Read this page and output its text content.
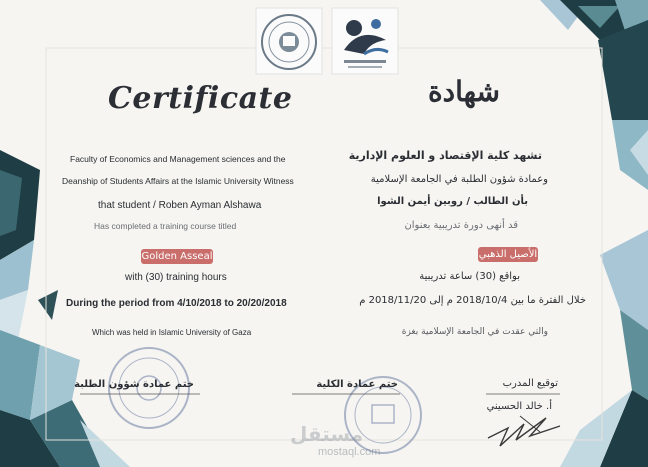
Certificate	شهادة
Faculty of Economics and Management sciences and the
Deanship of Students Affairs at the Islamic University Witness
that student / Roben Ayman Alshawa
Has completed a training course titled
Golden Asseal
with (30) training hours
During the period from 4/10/2018 to 20/20/2018
Which was held in Islamic University of Gaza
تشهد كلية الإقتصاد و العلوم الإدارية
وعمادة شؤون الطلبة في الجامعة الإسلامية
بأن الطالب / روبين أيمن الشوا
قد أنهى دورة تدريبية بعنوان
الأصيل الذهبي
بواقع (30) ساعة تدريبية
خلال الفترة ما بين 2018/10/4 م إلى 2018/11/20 م
والتي عقدت في الجامعة الإسلامية بغزة
ختم عمادة شؤون الطلبة	ختم عمادة الكلية	توقيع المدرب
أ. خالد الحسيني
مستقل
mostaql.com
